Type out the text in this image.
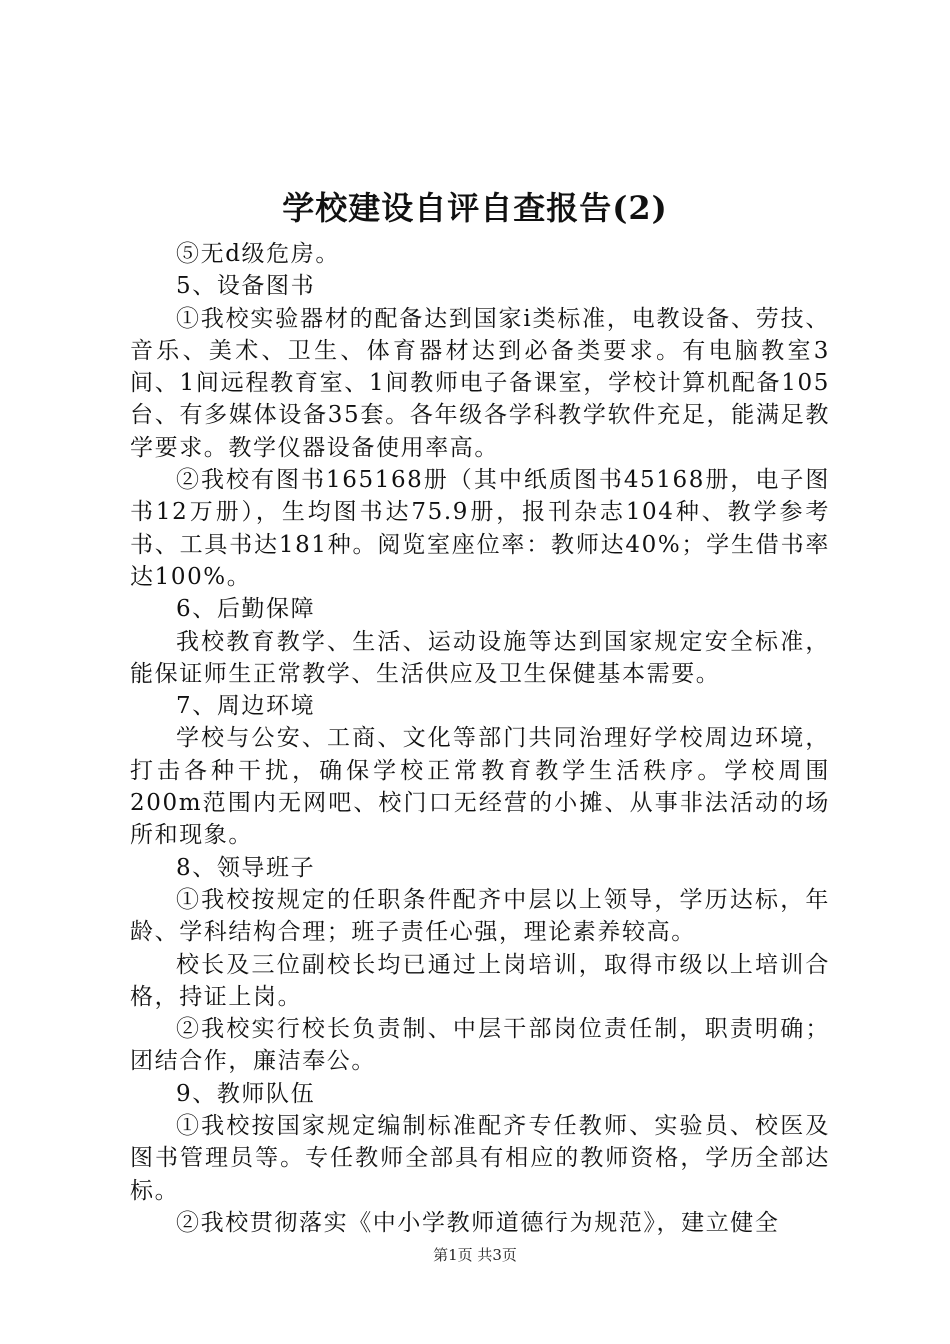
学校建设自评自查报告(2)

⑤无d级危房。

5、设备图书

①我校实验器材的配备达到国家i类标准，电教设备、劳技、音乐、美术、卫生、体育器材达到必备类要求。有电脑教室3间、1间远程教育室、1间教师电子备课室，学校计算机配备105台、有多媒体设备35套。各年级各学科教学软件充足，能满足教学要求。教学仪器设备使用率高。

②我校有图书165168册（其中纸质图书45168册，电子图书12万册），生均图书达75.9册，报刊杂志104种、教学参考书、工具书达181种。阅览室座位率：教师达40%；学生借书率达100%。

6、后勤保障

我校教育教学、生活、运动设施等达到国家规定安全标准，能保证师生正常教学、生活供应及卫生保健基本需要。

7、周边环境

学校与公安、工商、文化等部门共同治理好学校周边环境，打击各种干扰，确保学校正常教育教学生活秩序。学校周围200m范围内无网吧、校门口无经营的小摊、从事非法活动的场所和现象。

8、领导班子

①我校按规定的任职条件配齐中层以上领导，学历达标，年龄、学科结构合理；班子责任心强，理论素养较高。

校长及三位副校长均已通过上岗培训，取得市级以上培训合格，持证上岗。

②我校实行校长负责制、中层干部岗位责任制，职责明确；团结合作，廉洁奉公。

9、教师队伍

①我校按国家规定编制标准配齐专任教师、实验员、校医及图书管理员等。专任教师全部具有相应的教师资格，学历全部达标。

②我校贯彻落实《中小学教师道德行为规范》，建立健全

第1页 共3页
